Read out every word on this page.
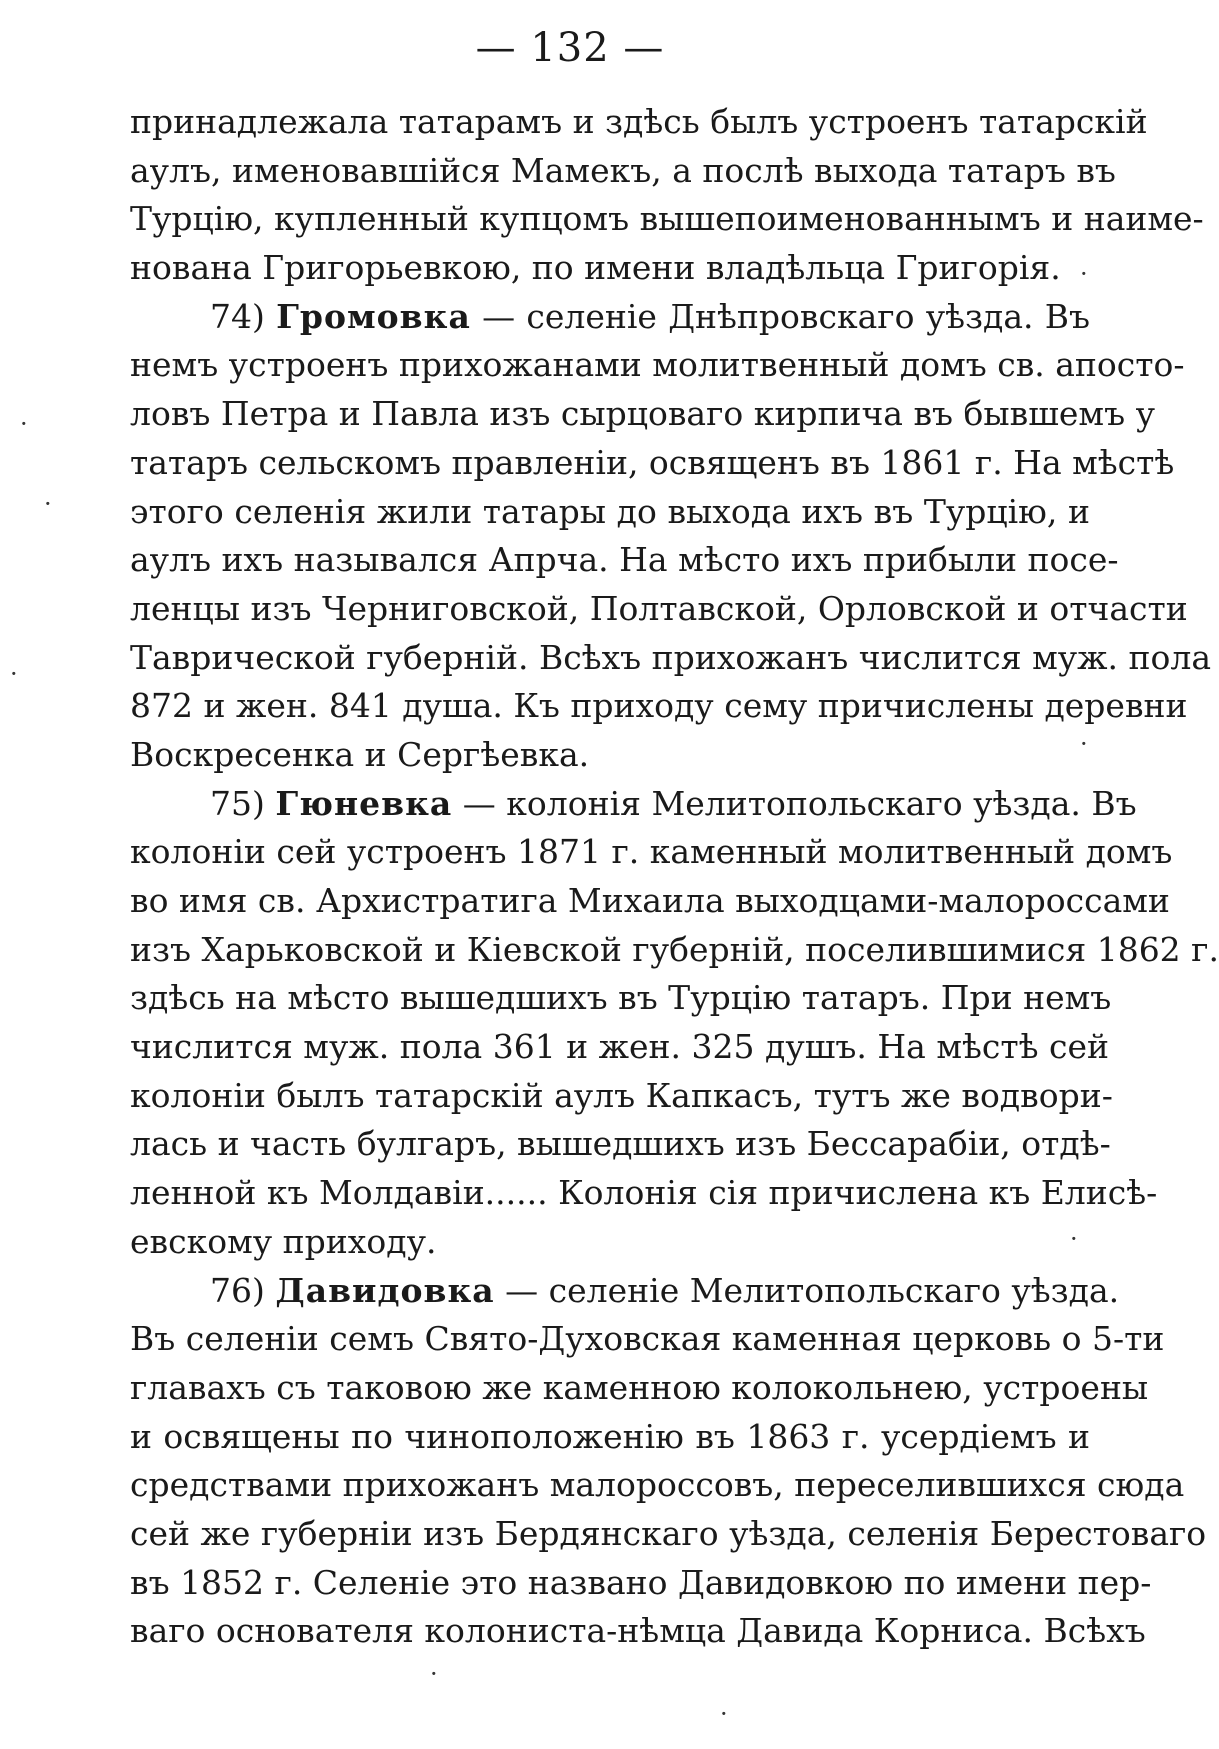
— 132 —
принадлежала татарамъ и здѣсь былъ устроенъ татарскій
аулъ, именовавшійся Мамекъ, а послѣ выхода татаръ въ
Турцію, купленный купцомъ вышепоименованнымъ и наиме-
нована Григорьевкою, по имени владѣльца Григорія.
74) Громовка — селеніе Днѣпровскаго уѣзда. Въ
немъ устроенъ прихожанами молитвенный домъ св. апосто-
ловъ Петра и Павла изъ сырцоваго кирпича въ бывшемъ у
татаръ сельскомъ правленіи, освященъ въ 1861 г. На мѣстѣ
этого селенія жили татары до выхода ихъ въ Турцію, и
аулъ ихъ назывался Апрча. На мѣсто ихъ прибыли посе-
ленцы изъ Черниговской, Полтавской, Орловской и отчасти
Таврической губерній. Всѣхъ прихожанъ числится муж. пола
872 и жен. 841 душа. Къ приходу сему причислены деревни
Воскресенка и Сергѣевка.
75) Гюневка — колонія Мелитопольскаго уѣзда. Въ
колоніи сей устроенъ 1871 г. каменный молитвенный домъ
во имя св. Архистратига Михаила выходцами-малороссами
изъ Харьковской и Кіевской губерній, поселившимися 1862 г.
здѣсь на мѣсто вышедшихъ въ Турцію татаръ. При немъ
числится муж. пола 361 и жен. 325 душъ. На мѣстѣ сей
колоніи былъ татарскій аулъ Капкасъ, тутъ же водвори-
лась и часть булгаръ, вышедшихъ изъ Бессарабіи, отдѣ-
ленной къ Молдавіи...... Колонія сія причислена къ Елисѣ-
евскому приходу.
76) Давидовка — селеніе Мелитопольскаго уѣзда.
Въ селеніи семъ Свято-Духовская каменная церковь о 5-ти
главахъ съ таковою же каменною колокольнею, устроены
и освящены по чиноположенію въ 1863 г. усердіемъ и
средствами прихожанъ малороссовъ, переселившихся сюда
сей же губерніи изъ Бердянскаго уѣзда, селенія Берестоваго
въ 1852 г. Селеніе это названо Давидовкою по имени пер-
ваго основателя колониста-нѣмца Давида Корниса. Всѣхъ
·
·
·
·
·
·
·
·
